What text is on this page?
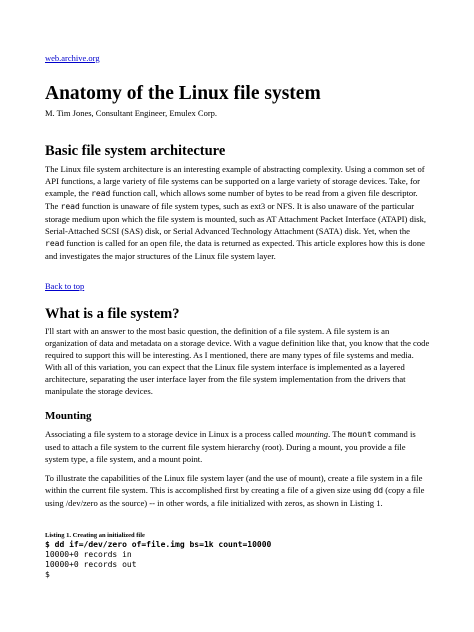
web.archive.org
Anatomy of the Linux file system
M. Tim Jones, Consultant Engineer, Emulex Corp.
Basic file system architecture

The Linux file system architecture is an interesting example of abstracting complexity. Using a common set of API functions, a large variety of file systems can be supported on a large variety of storage devices. Take, for example, the read function call, which allows some number of bytes to be read from a given file descriptor. The read function is unaware of file system types, such as ext3 or NFS. It is also unaware of the particular storage medium upon which the file system is mounted, such as AT Attachment Packet Interface (ATAPI) disk, Serial-Attached SCSI (SAS) disk, or Serial Advanced Technology Attachment (SATA) disk. Yet, when the read function is called for an open file, the data is returned as expected. This article explores how this is done and investigates the major structures of the Linux file system layer.

Back to top
What is a file system?

I'll start with an answer to the most basic question, the definition of a file system. A file system is an organization of data and metadata on a storage device. With a vague definition like that, you know that the code required to support this will be interesting. As I mentioned, there are many types of file systems and media. With all of this variation, you can expect that the Linux file system interface is implemented as a layered architecture, separating the user interface layer from the file system implementation from the drivers that manipulate the storage devices.

Mounting

Associating a file system to a storage device in Linux is a process called mounting. The mount command is used to attach a file system to the current file system hierarchy (root). During a mount, you provide a file system type, a file system, and a mount point.

To illustrate the capabilities of the Linux file system layer (and the use of mount), create a file system in a file within the current file system. This is accomplished first by creating a file of a given size using dd (copy a file using /dev/zero as the source) -- in other words, a file initialized with zeros, as shown in Listing 1.

Listing 1. Creating an initialized file
$ dd if=/dev/zero of=file.img bs=1k count=10000
10000+0 records in
10000+0 records out
$
